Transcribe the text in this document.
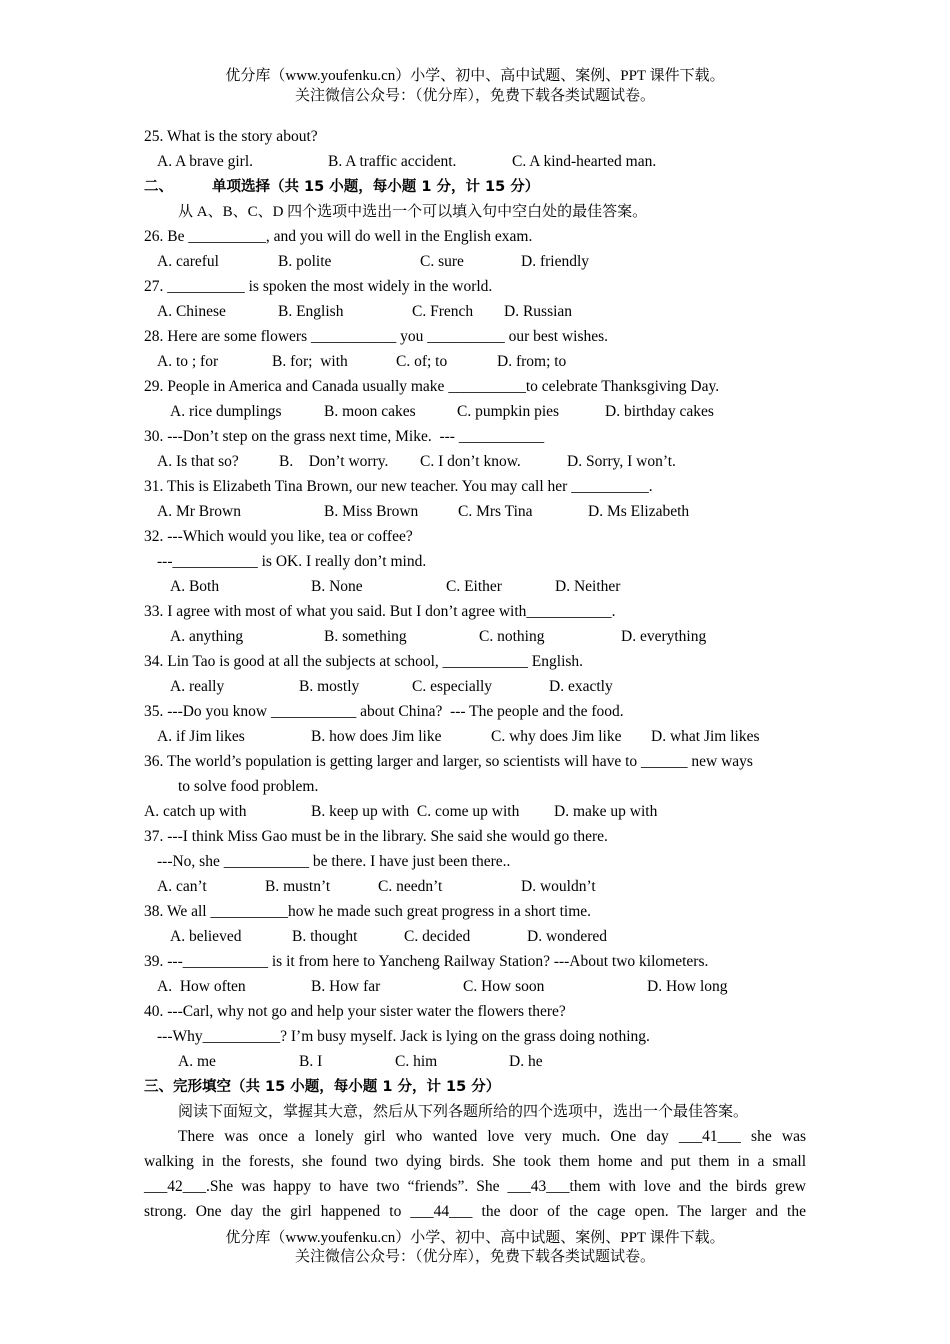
优分库（www.youfenku.cn）小学、初中、高中试题、案例、PPT 课件下载。
关注微信公众号：（优分库），免费下载各类试题试卷。
25. What is the story about?
A. A brave girl.	B. A traffic accident.	C. A kind-hearted man.
二、	单项选择（共 15 小题，每小题 1 分，计 15 分）
从 A、B、C、D 四个选项中选出一个可以填入句中空白处的最佳答案。
26. Be __________, and you will do well in the English exam.
A. careful	B. polite	C. sure	D. friendly
27. __________ is spoken the most widely in the world.
A. Chinese	B. English	C. French D. Russian
28. Here are some flowers ___________ you __________ our best wishes.
A. to ; for	B. for;  with	C. of; to	D. from; to
29. People in America and Canada usually make __________to celebrate Thanksgiving Day.
A. rice dumplings	B. moon cakes	C. pumpkin pies	D. birthday cakes
30. ---Don’t step on the grass next time, Mike.  --- ___________
A. Is that so?	B.    Don’t worry. C. I don’t know.	D. Sorry, I won’t.
31. This is Elizabeth Tina Brown, our new teacher. You may call her __________.
A. Mr Brown	B. Miss Brown	C. Mrs Tina	D. Ms Elizabeth
32. ---Which would you like, tea or coffee?
---___________ is OK. I really don’t mind.
A. Both	B. None	C. Either	D. Neither
33. I agree with most of what you said. But I don’t agree with___________.
A. anything	B. something	C. nothing	D. everything
34. Lin Tao is good at all the subjects at school, ___________ English.
A. really	B. mostly	C. especially	D. exactly
35. ---Do you know ___________ about China?  --- The people and the food.
A. if Jim likes	B. how does Jim like	C. why does Jim like D. what Jim likes
36. The world’s population is getting larger and larger, so scientists will have to ______ new ways
to solve food problem.
A. catch up with	B. keep up with  C. come up with D. make up with
37. ---I think Miss Gao must be in the library. She said she would go there.
---No, she ___________ be there. I have just been there..
A. can’t	B. mustn’t	C. needn’t	D. wouldn’t
38. We all __________how he made such great progress in a short time.
A. believed	B. thought	C. decided	D. wondered
39. ---___________ is it from here to Yancheng Railway Station? ---About two kilometers.
A.  How often	B. How far	C. How soon	D. How long
40. ---Carl, why not go and help your sister water the flowers there?
---Why__________? I’m busy myself. Jack is lying on the grass doing nothing.
A. me	B. I	C. him	D. he
三、完形填空（共 15 小题，每小题 1 分，计 15 分）
阅读下面短文，掌握其大意，然后从下列各题所给的四个选项中，选出一个最佳答案。
There was once a lonely girl who wanted love very much. One day ___41___ she was
walking in the forests, she found two dying birds. She took them home and put them in a small
___42___.She was happy to have two “friends”. She ___43___them with love and the birds grew
strong. One day the girl happened to ___44___ the door of the cage open. The larger and the
优分库（www.youfenku.cn）小学、初中、高中试题、案例、PPT 课件下载。
关注微信公众号：（优分库），免费下载各类试题试卷。
